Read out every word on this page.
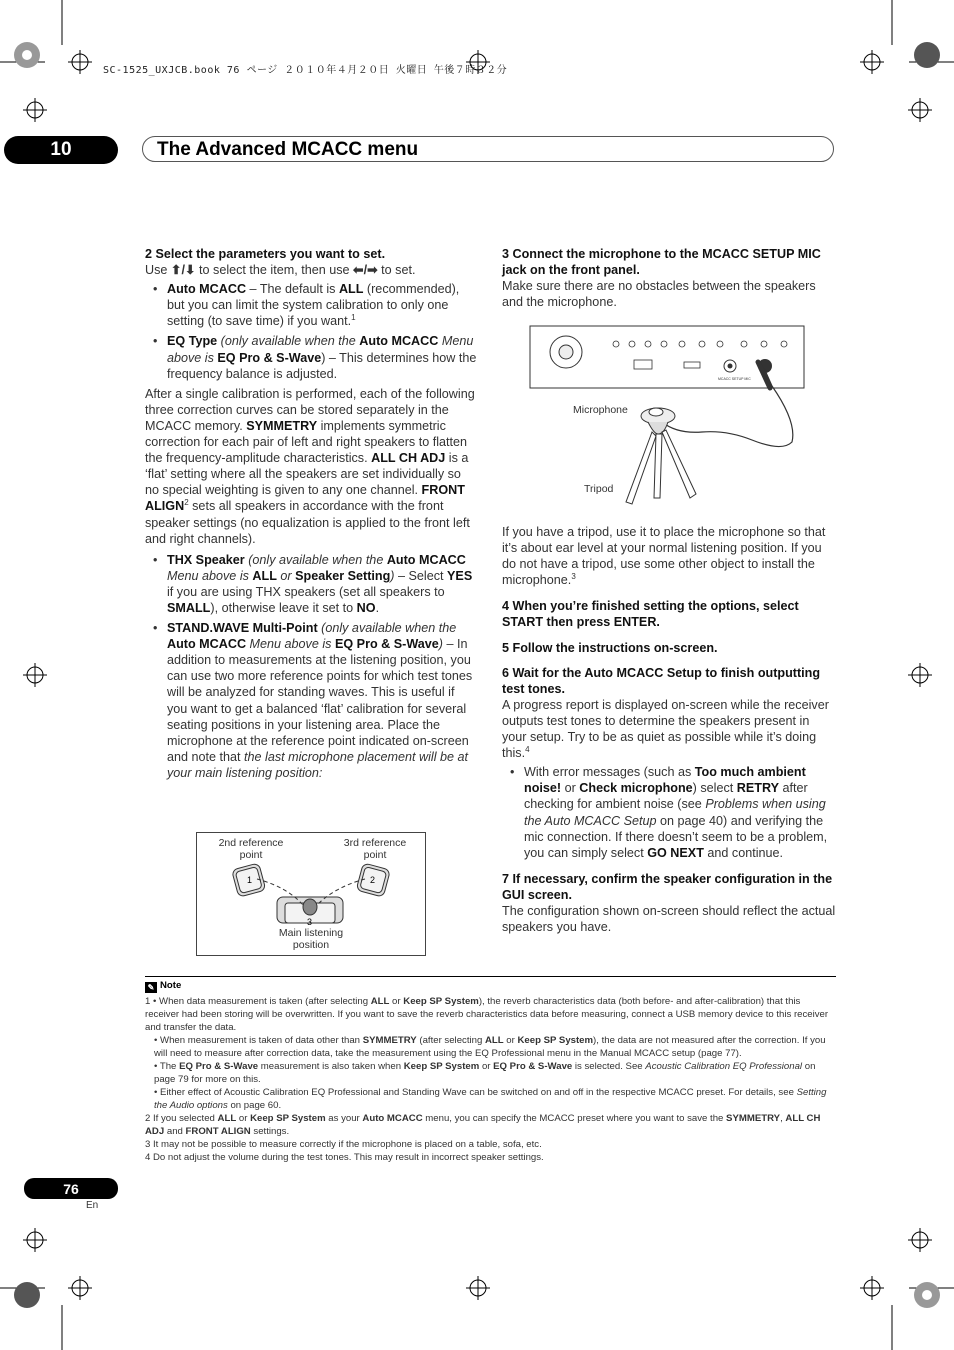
SC-1525_UXJCB.book 76 ページ ２０１０年４月２０日 火曜日 午後７時３２分
10	The Advanced MCACC menu

2 Select the parameters you want to set.

Use ⬆/⬇ to select the item, then use ⬅/➡ to set.

• Auto MCACC – The default is ALL (recommended), but you can limit the system calibration to only one setting (to save time) if you want.$^1$
• EQ Type (only available when the Auto MCACC Menu above is EQ Pro & S-Wave) – This determines how the frequency balance is adjusted.

After a single calibration is performed, each of the following three correction curves can be stored separately in the MCACC memory. SYMMETRY implements symmetric correction for each pair of left and right speakers to flatten the frequency-amplitude characteristics. ALL CH ADJ is a ‘flat’ setting where all the speakers are set individually so no special weighting is given to any one channel. FRONT ALIGN$^2$ sets all speakers in accordance with the front speaker settings (no equalization is applied to the front left and right channels).

• THX Speaker (only available when the Auto MCACC Menu above is ALL or Speaker Setting) – Select YES if you are using THX speakers (set all speakers to SMALL), otherwise leave it set to NO.
• STAND.WAVE Multi-Point (only available when the Auto MCACC Menu above is EQ Pro & S-Wave) – In addition to measurements at the listening position, you can use two more reference points for which test tones will be analyzed for standing waves. This is useful if you want to get a balanced ‘flat’ calibration for several seating positions in your listening area. Place the microphone at the reference point indicated on-screen and note that the last microphone placement will be at your main listening position:
2nd reference point
3rd reference point
Main listening position
1	2
3

3 Connect the microphone to the MCACC SETUP MIC jack on the front panel.

Make sure there are no obstacles between the speakers and the microphone.

MCACC SETUP MIC
Microphone
Tripod

If you have a tripod, use it to place the microphone so that it’s about ear level at your normal listening position. If you do not have a tripod, use some other object to install the microphone.$^3$

4 When you’re finished setting the options, select START then press ENTER.

5 Follow the instructions on-screen.

6 Wait for the Auto MCACC Setup to finish outputting test tones.

A progress report is displayed on-screen while the receiver outputs test tones to determine the speakers present in your setup. Try to be as quiet as possible while it’s doing this.$^4$

• With error messages (such as Too much ambient noise! or Check microphone) select RETRY after checking for ambient noise (see Problems when using the Auto MCACC Setup on page 40) and verifying the mic connection. If there doesn’t seem to be a problem, you can simply select GO NEXT and continue.

7 If necessary, confirm the speaker configuration in the GUI screen.

The configuration shown on-screen should reflect the actual speakers you have.

✎ Note

1 • When data measurement is taken (after selecting ALL or Keep SP System), the reverb characteristics data (both before- and after-calibration) that this receiver had been storing will be overwritten. If you want to save the reverb characteristics data before measuring, connect a USB memory device to this receiver and transfer the data.

• When measurement is taken of data other than SYMMETRY (after selecting ALL or Keep SP System), the data are not measured after the correction. If you will need to measure after correction data, take the measurement using the EQ Professional menu in the Manual MCACC setup (page 77).

• The EQ Pro & S-Wave measurement is also taken when Keep SP System or EQ Pro & S-Wave is selected. See Acoustic Calibration EQ Professional on page 79 for more on this.

• Either effect of Acoustic Calibration EQ Professional and Standing Wave can be switched on and off in the respective MCACC preset. For details, see Setting the Audio options on page 60.

2 If you selected ALL or Keep SP System as your Auto MCACC menu, you can specify the MCACC preset where you want to save the SYMMETRY, ALL CH ADJ and FRONT ALIGN settings.

3 It may not be possible to measure correctly if the microphone is placed on a table, sofa, etc.

4 Do not adjust the volume during the test tones. This may result in incorrect speaker settings.

76
En
